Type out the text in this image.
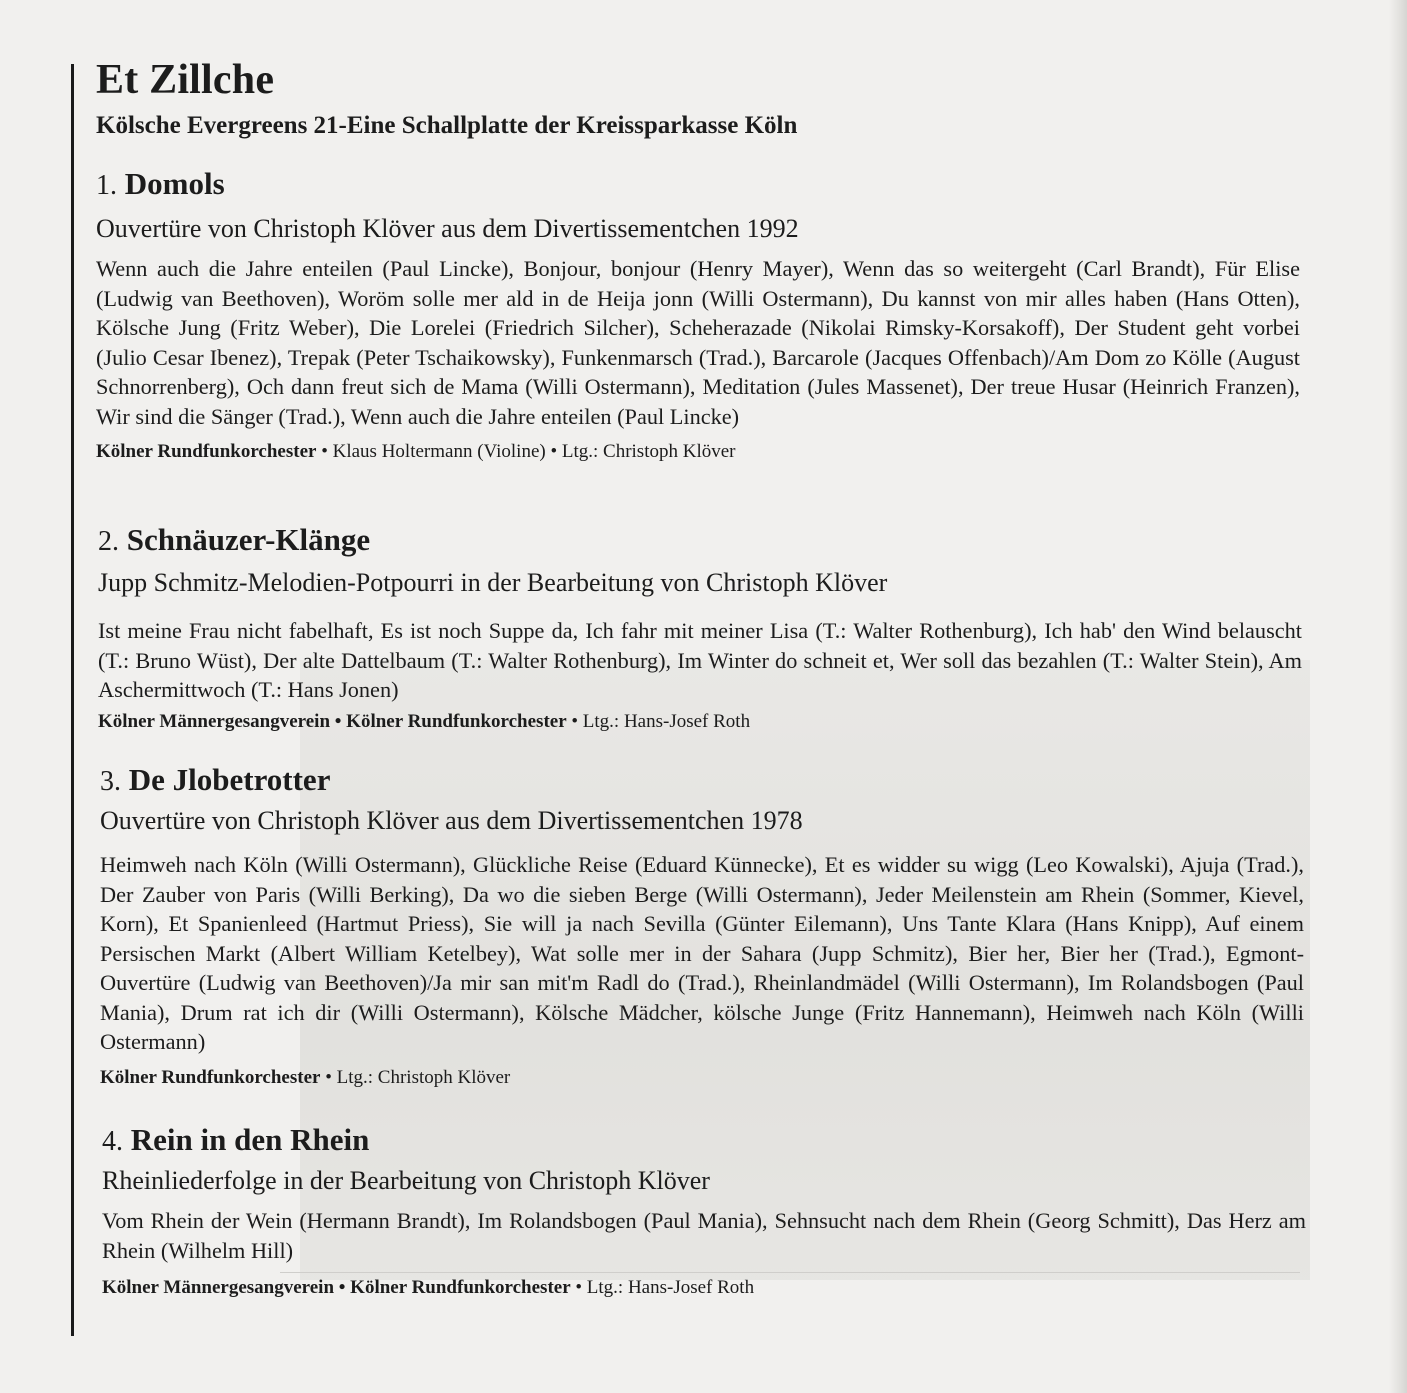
Et Zillche
Kölsche Evergreens 21-Eine Schallplatte der Kreissparkasse Köln

1. Domols

Ouvertüre von Christoph Klöver aus dem Divertissementchen 1992

Wenn auch die Jahre enteilen (Paul Lincke), Bonjour, bonjour (Henry Mayer), Wenn das so weitergeht (Carl Brandt), Für Elise (Ludwig van Beethoven), Woröm solle mer ald in de Heija jonn (Willi Ostermann), Du kannst von mir alles haben (Hans Otten), Kölsche Jung (Fritz Weber), Die Lorelei (Friedrich Silcher), Scheherazade (Nikolai Rimsky-Korsakoff), Der Student geht vorbei (Julio Cesar Ibenez), Trepak (Peter Tschaikowsky), Funkenmarsch (Trad.), Barcarole (Jacques Offenbach)/Am Dom zo Kölle (August Schnorrenberg), Och dann freut sich de Mama (Willi Ostermann), Meditation (Jules Massenet), Der treue Husar (Heinrich Franzen), Wir sind die Sänger (Trad.), Wenn auch die Jahre enteilen (Paul Lincke)

Kölner Rundfunkorchester • Klaus Holtermann (Violine) • Ltg.: Christoph Klöver

2. Schnäuzer-Klänge

Jupp Schmitz-Melodien-Potpourri in der Bearbeitung von Christoph Klöver

Ist meine Frau nicht fabelhaft, Es ist noch Suppe da, Ich fahr mit meiner Lisa (T.: Walter Rothenburg), Ich hab' den Wind belauscht (T.: Bruno Wüst), Der alte Dattelbaum (T.: Walter Rothenburg), Im Winter do schneit et, Wer soll das bezahlen (T.: Walter Stein), Am Aschermittwoch (T.: Hans Jonen)

Kölner Männergesangverein • Kölner Rundfunkorchester • Ltg.: Hans-Josef Roth

3. De Jlobetrotter

Ouvertüre von Christoph Klöver aus dem Divertissementchen 1978

Heimweh nach Köln (Willi Ostermann), Glückliche Reise (Eduard Künnecke), Et es widder su wigg (Leo Kowalski), Ajuja (Trad.), Der Zauber von Paris (Willi Berking), Da wo die sieben Berge (Willi Ostermann), Jeder Meilenstein am Rhein (Sommer, Kievel, Korn), Et Spanienleed (Hartmut Priess), Sie will ja nach Sevilla (Günter Eilemann), Uns Tante Klara (Hans Knipp), Auf einem Persischen Markt (Albert William Ketelbey), Wat solle mer in der Sahara (Jupp Schmitz), Bier her, Bier her (Trad.), Egmont-Ouvertüre (Ludwig van Beethoven)/Ja mir san mit'm Radl do (Trad.), Rheinlandmädel (Willi Ostermann), Im Rolandsbogen (Paul Mania), Drum rat ich dir (Willi Ostermann), Kölsche Mädcher, kölsche Junge (Fritz Hannemann), Heimweh nach Köln (Willi Ostermann)

Kölner Rundfunkorchester • Ltg.: Christoph Klöver

4. Rein in den Rhein

Rheinliederfolge in der Bearbeitung von Christoph Klöver

Vom Rhein der Wein (Hermann Brandt), Im Rolandsbogen (Paul Mania), Sehnsucht nach dem Rhein (Georg Schmitt), Das Herz am Rhein (Wilhelm Hill)

Kölner Männergesangverein • Kölner Rundfunkorchester • Ltg.: Hans-Josef Roth
